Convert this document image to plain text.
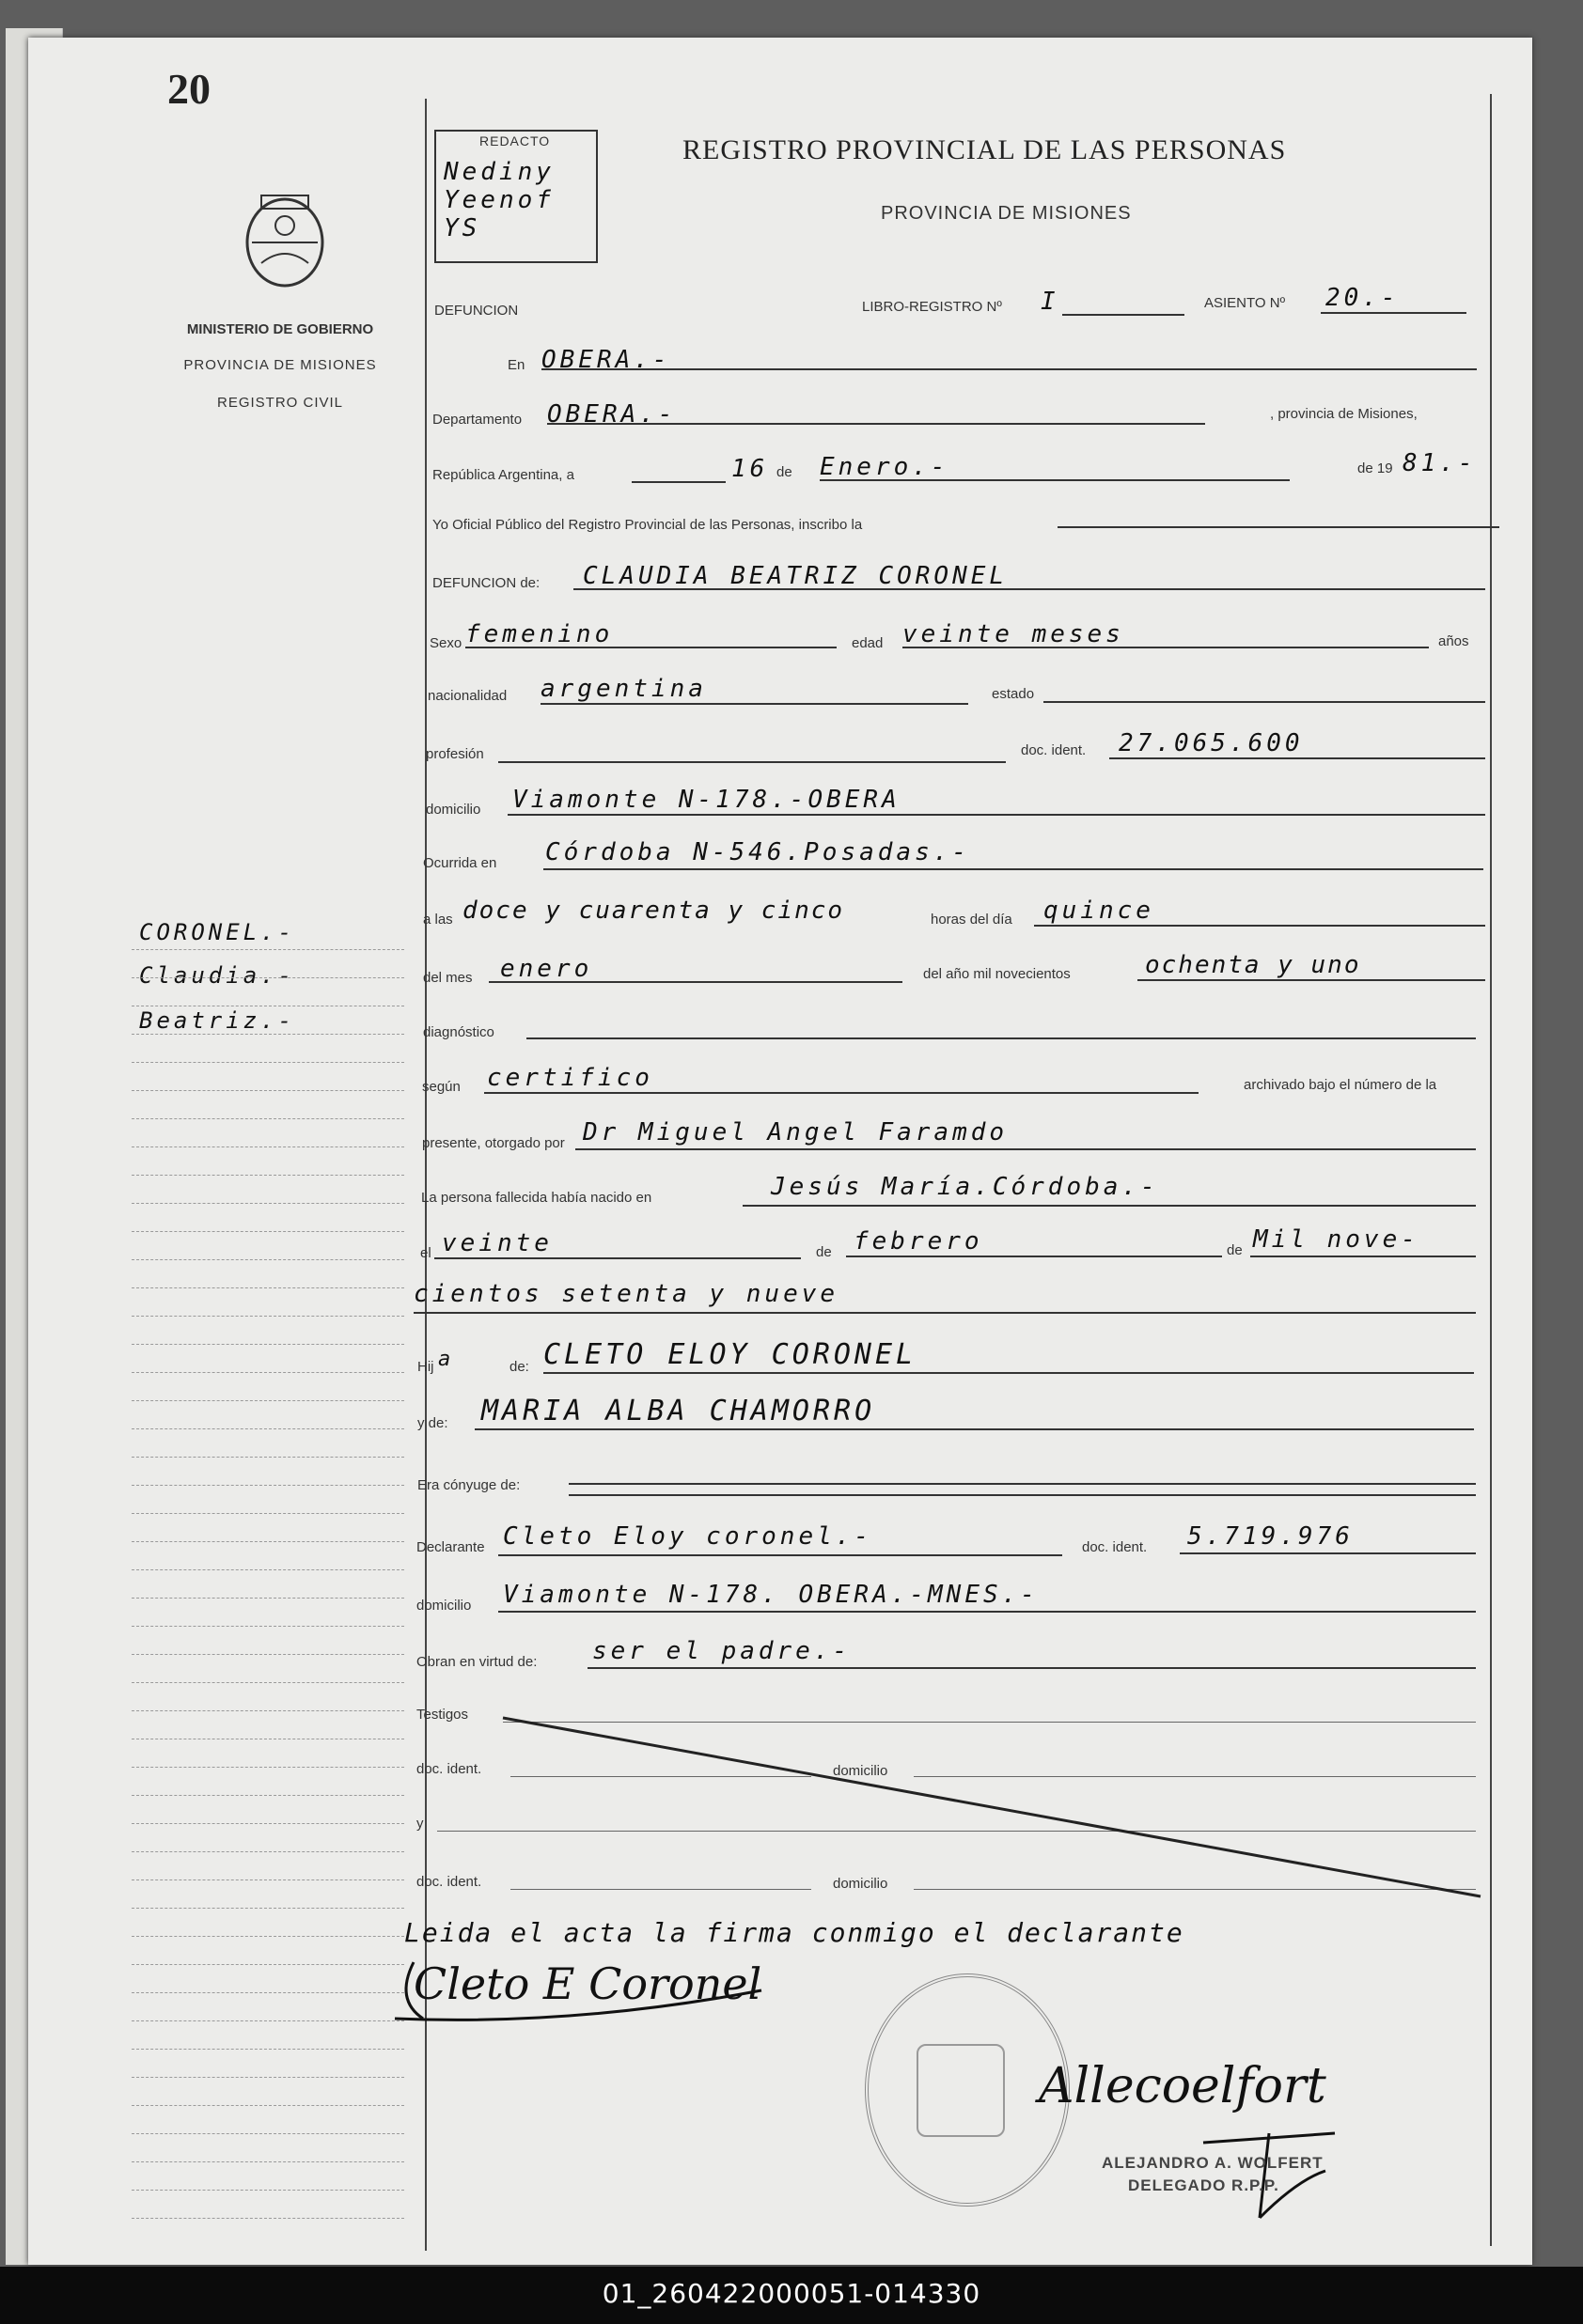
20
MINISTERIO DE GOBIERNO
PROVINCIA DE MISIONES
REGISTRO CIVIL
CORONEL.-
Claudia.-
Beatriz.-
REDACTO
Nediny Yeenof YS
REGISTRO PROVINCIAL DE LAS PERSONAS
PROVINCIA DE MISIONES
DEFUNCION	LIBRO-REGISTRO Nº I	ASIENTO Nº 20.-
En OBERA.-
Departamento OBERA.-	, provincia de Misiones,
República Argentina, a	16 de Enero.-	de 19 81.-
Yo Oficial Público del Registro Provincial de las Personas, inscribo la
DEFUNCION de: CLAUDIA BEATRIZ CORONEL
Sexo femenino	edad veinte meses	años
nacionalidad argentina	estado
profesión	doc. ident. 27.065.600
domicilio Viamonte N-178.-OBERA
Ocurrida en Córdoba N-546.Posadas.-
a las doce y cuarenta y cinco	horas del día quince
del mes enero	del año mil novecientos	ochenta y uno
diagnóstico
según certifico	archivado bajo el número de la
presente, otorgado por Dr Miguel Angel Faramdo
La persona fallecida había nacido en	Jesús María.Córdoba.-
el veinte	de febrero	de Mil nove-
cientos setenta y nueve
Hij a	de: CLETO ELOY CORONEL
y de: MARIA ALBA CHAMORRO
Era cónyuge de:
Declarante Cleto Eloy coronel.-	doc. ident. 5.719.976
domicilio Viamonte N-178. OBERA.-MNES.-
Obran en virtud de: ser el padre.-
Testigos
doc. ident.	domicilio
y
doc. ident.	domicilio
Leida el acta la firma conmigo el declarante
Cleto E Coronel
Allecoelfort
ALEJANDRO A. WOLFERT
DELEGADO R.P.P.
01_260422000051-014330
